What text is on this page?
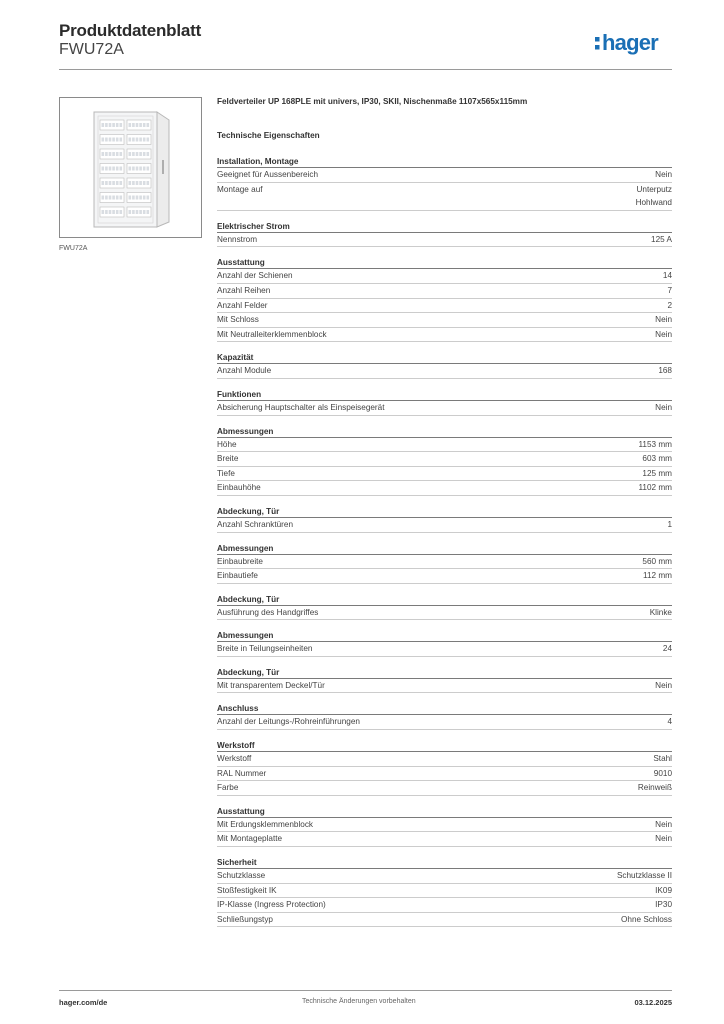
Produktdatenblatt
FWU72A	hager
FWU72A
Feldverteiler UP 168PLE mit univers, IP30, SKII, Nischenmaße 1107x565x115mm
Technische Eigenschaften
Installation, Montage
Geeignet für Aussenbereich	Nein
Montage auf	Unterputz
Hohlwand
Elektrischer Strom
Nennstrom	125 A
Ausstattung
Anzahl der Schienen	14
Anzahl Reihen	7
Anzahl Felder	2
Mit Schloss	Nein
Mit Neutralleiterklemmenblock	Nein
Kapazität
Anzahl Module	168
Funktionen
Absicherung Hauptschalter als Einspeisegerät	Nein
Abmessungen
Höhe	1153 mm
Breite	603 mm
Tiefe	125 mm
Einbauhöhe	1102 mm
Abdeckung, Tür
Anzahl Schranktüren	1
Abmessungen
Einbaubreite	560 mm
Einbautiefe	112 mm
Abdeckung, Tür
Ausführung des Handgriffes	Klinke
Abmessungen
Breite in Teilungseinheiten	24
Abdeckung, Tür
Mit transparentem Deckel/Tür	Nein
Anschluss
Anzahl der Leitungs-/Rohreinführungen	4
Werkstoff
Werkstoff	Stahl
RAL Nummer	9010
Farbe	Reinweiß
Ausstattung
Mit Erdungsklemmenblock	Nein
Mit Montageplatte	Nein
Sicherheit
Schutzklasse	Schutzklasse II
Stoßfestigkeit IK	IK09
IP-Klasse (Ingress Protection)	IP30
Schließungstyp	Ohne Schloss
hager.com/de	Technische Änderungen vorbehalten	03.12.2025
